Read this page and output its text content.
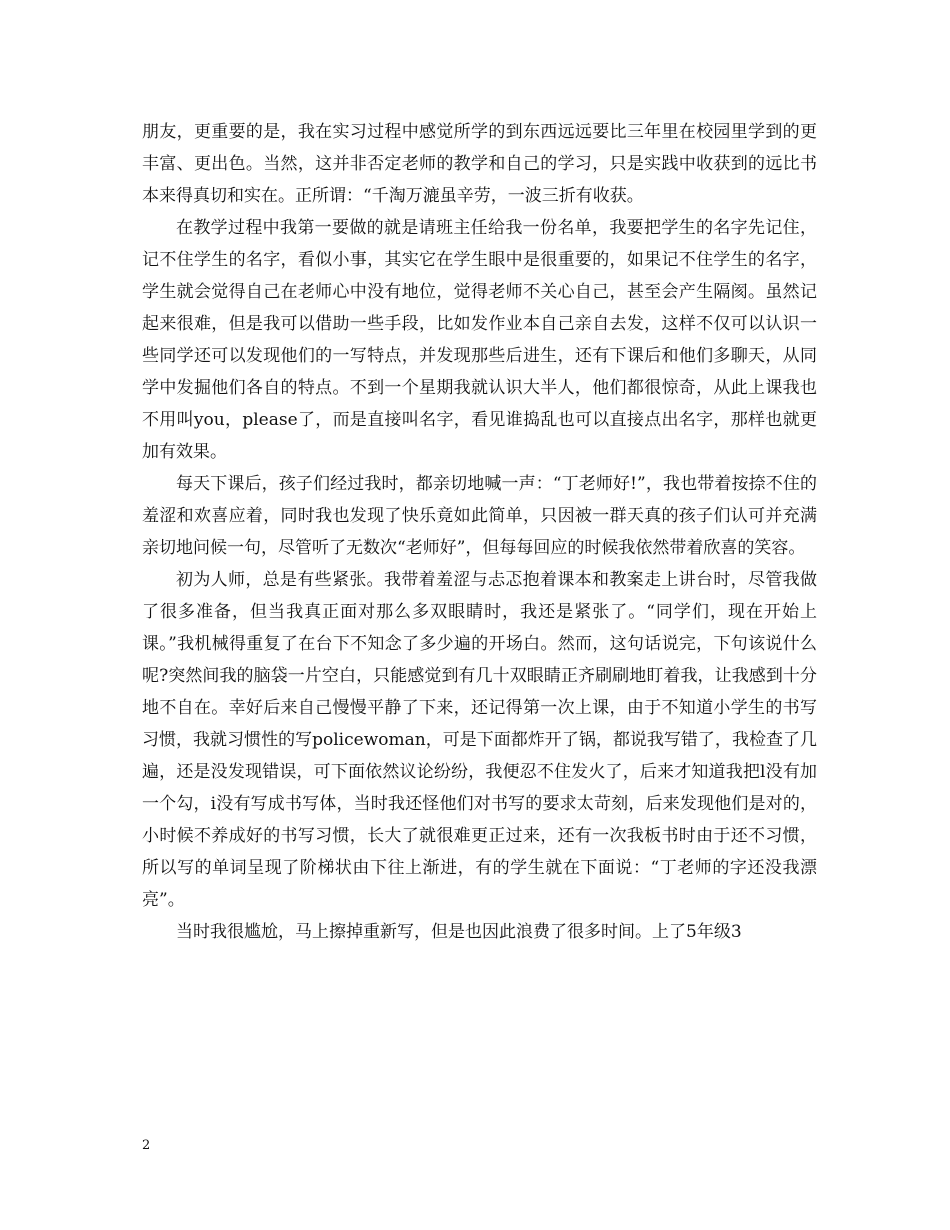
朋友，更重要的是，我在实习过程中感觉所学的到东西远远要比三年里在校园里学到的更丰富、更出色。当然，这并非否定老师的教学和自己的学习，只是实践中收获到的远比书本来得真切和实在。正所谓：“千淘万漉虽辛劳，一波三折有收获。

在教学过程中我第一要做的就是请班主任给我一份名单，我要把学生的名字先记住，记不住学生的名字，看似小事，其实它在学生眼中是很重要的，如果记不住学生的名字，学生就会觉得自己在老师心中没有地位，觉得老师不关心自己，甚至会产生隔阂。虽然记起来很难，但是我可以借助一些手段，比如发作业本自己亲自去发，这样不仅可以认识一些同学还可以发现他们的一写特点，并发现那些后进生，还有下课后和他们多聊天，从同学中发掘他们各自的特点。不到一个星期我就认识大半人，他们都很惊奇，从此上课我也不用叫you，please了，而是直接叫名字，看见谁捣乱也可以直接点出名字，那样也就更加有效果。

每天下课后，孩子们经过我时，都亲切地喊一声：“丁老师好!”，我也带着按捺不住的羞涩和欢喜应着，同时我也发现了快乐竟如此简单，只因被一群天真的孩子们认可并充满亲切地问候一句，尽管听了无数次“老师好”，但每每回应的时候我依然带着欣喜的笑容。

初为人师，总是有些紧张。我带着羞涩与忐忑抱着课本和教案走上讲台时，尽管我做了很多准备，但当我真正面对那么多双眼睛时，我还是紧张了。“同学们，现在开始上课。”我机械得重复了在台下不知念了多少遍的开场白。然而，这句话说完，下句该说什么呢?突然间我的脑袋一片空白，只能感觉到有几十双眼睛正齐刷刷地盯着我，让我感到十分地不自在。幸好后来自己慢慢平静了下来，还记得第一次上课，由于不知道小学生的书写习惯，我就习惯性的写policewoman，可是下面都炸开了锅，都说我写错了，我检查了几遍，还是没发现错误，可下面依然议论纷纷，我便忍不住发火了，后来才知道我把l没有加一个勾，i没有写成书写体，当时我还怪他们对书写的要求太苛刻，后来发现他们是对的，小时候不养成好的书写习惯，长大了就很难更正过来，还有一次我板书时由于还不习惯，所以写的单词呈现了阶梯状由下往上渐进，有的学生就在下面说：“丁老师的字还没我漂亮”。

当时我很尴尬，马上擦掉重新写，但是也因此浪费了很多时间。上了5年级3

2
